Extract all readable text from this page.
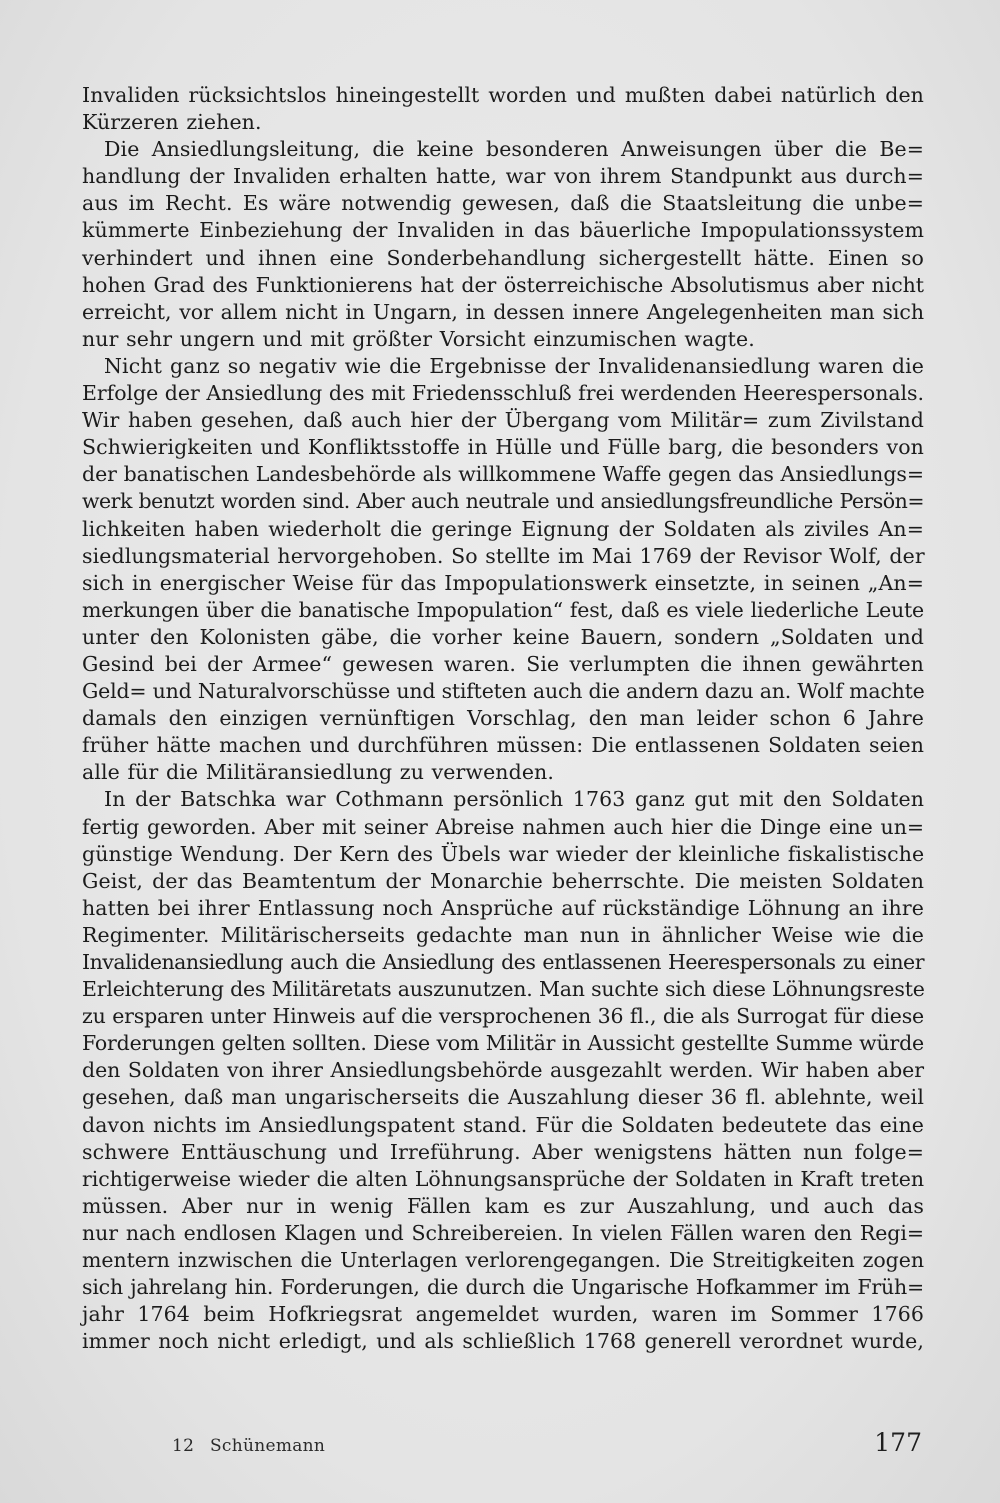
Invaliden rücksichtslos hineingestellt worden und mußten dabei natürlich den
Kürzeren ziehen.
Die Ansiedlungsleitung, die keine besonderen Anweisungen über die Be=
handlung der Invaliden erhalten hatte, war von ihrem Standpunkt aus durch=
aus im Recht. Es wäre notwendig gewesen, daß die Staatsleitung die unbe=
kümmerte Einbeziehung der Invaliden in das bäuerliche Impopulationssystem
verhindert und ihnen eine Sonderbehandlung sichergestellt hätte. Einen so
hohen Grad des Funktionierens hat der österreichische Absolutismus aber nicht
erreicht, vor allem nicht in Ungarn, in dessen innere Angelegenheiten man sich
nur sehr ungern und mit größter Vorsicht einzumischen wagte.
Nicht ganz so negativ wie die Ergebnisse der Invalidenansiedlung waren die
Erfolge der Ansiedlung des mit Friedensschluß frei werdenden Heerespersonals.
Wir haben gesehen, daß auch hier der Übergang vom Militär= zum Zivilstand
Schwierigkeiten und Konfliktsstoffe in Hülle und Fülle barg, die besonders von
der banatischen Landesbehörde als willkommene Waffe gegen das Ansiedlungs=
werk benutzt worden sind. Aber auch neutrale und ansiedlungsfreundliche Persön=
lichkeiten haben wiederholt die geringe Eignung der Soldaten als ziviles An=
siedlungsmaterial hervorgehoben. So stellte im Mai 1769 der Revisor Wolf, der
sich in energischer Weise für das Impopulationswerk einsetzte, in seinen „An=
merkungen über die banatische Impopulation“ fest, daß es viele liederliche Leute
unter den Kolonisten gäbe, die vorher keine Bauern, sondern „Soldaten und
Gesind bei der Armee“ gewesen waren. Sie verlumpten die ihnen gewährten
Geld= und Naturalvorschüsse und stifteten auch die andern dazu an. Wolf machte
damals den einzigen vernünftigen Vorschlag, den man leider schon 6 Jahre
früher hätte machen und durchführen müssen: Die entlassenen Soldaten seien
alle für die Militäransiedlung zu verwenden.
In der Batschka war Cothmann persönlich 1763 ganz gut mit den Soldaten
fertig geworden. Aber mit seiner Abreise nahmen auch hier die Dinge eine un=
günstige Wendung. Der Kern des Übels war wieder der kleinliche fiskalistische
Geist, der das Beamtentum der Monarchie beherrschte. Die meisten Soldaten
hatten bei ihrer Entlassung noch Ansprüche auf rückständige Löhnung an ihre
Regimenter. Militärischerseits gedachte man nun in ähnlicher Weise wie die
Invalidenansiedlung auch die Ansiedlung des entlassenen Heerespersonals zu einer
Erleichterung des Militäretats auszunutzen. Man suchte sich diese Löhnungsreste
zu ersparen unter Hinweis auf die versprochenen 36 fl., die als Surrogat für diese
Forderungen gelten sollten. Diese vom Militär in Aussicht gestellte Summe würde
den Soldaten von ihrer Ansiedlungsbehörde ausgezahlt werden. Wir haben aber
gesehen, daß man ungarischerseits die Auszahlung dieser 36 fl. ablehnte, weil
davon nichts im Ansiedlungspatent stand. Für die Soldaten bedeutete das eine
schwere Enttäuschung und Irreführung. Aber wenigstens hätten nun folge=
richtigerweise wieder die alten Löhnungsansprüche der Soldaten in Kraft treten
müssen. Aber nur in wenig Fällen kam es zur Auszahlung, und auch das
nur nach endlosen Klagen und Schreibereien. In vielen Fällen waren den Regi=
mentern inzwischen die Unterlagen verlorengegangen. Die Streitigkeiten zogen
sich jahrelang hin. Forderungen, die durch die Ungarische Hofkammer im Früh=
jahr 1764 beim Hofkriegsrat angemeldet wurden, waren im Sommer 1766
immer noch nicht erledigt, und als schließlich 1768 generell verordnet wurde,
12 Schünemann	177
